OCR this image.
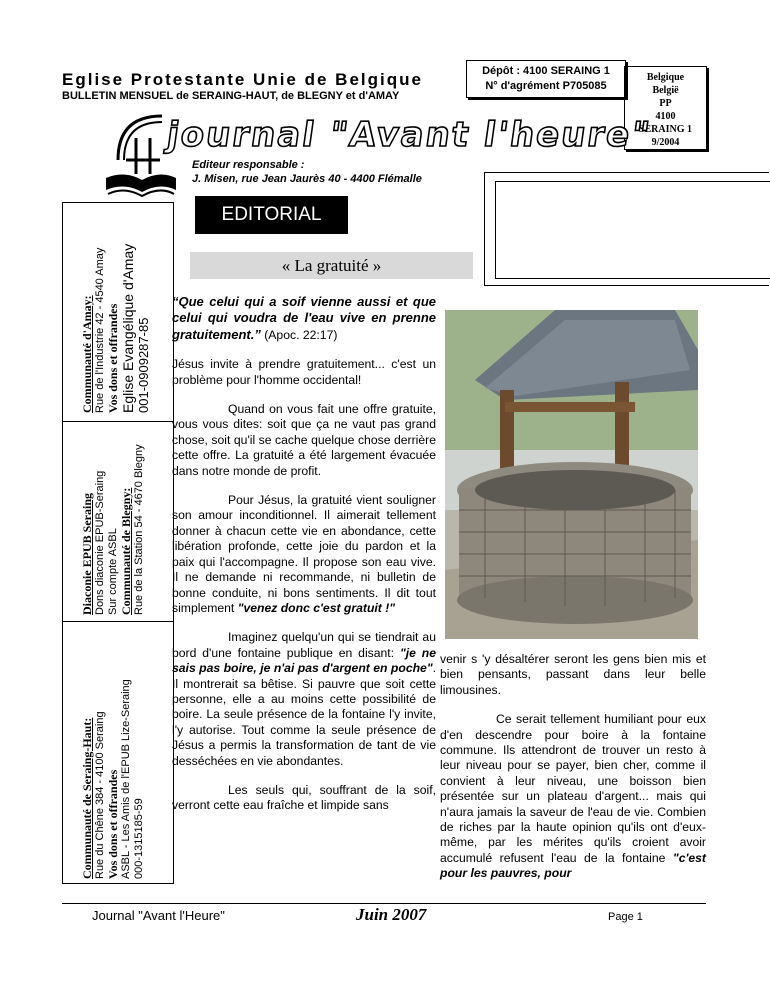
Eglise Protestante Unie de Belgique
BULLETIN MENSUEL de SERAING-HAUT, de BLEGNY et d'AMAY
Dépôt : 4100 SERAING 1
N° d'agrément P705085
Belgique
België
PP
4100
SERAING 1
9/2004
journal "Avant l'heure"
Editeur responsable :
J. Misen, rue Jean Jaurès 40 - 4400 Flémalle
EDITORIAL
Communauté d'Amay: Rue de l'Industrie 42 - 4540 Amay Vos dons et offrandes Eglise Evangélique d'Amay 001-0909287-85
Diaconie EPUB Seraing Dons diaconie EPUB-Seraing Sur compte ASBL Communauté de Blegny: Rue de la Station 54 - 4670 Blegny
Communauté de Seraing-Haut: Rue du Chêne 384 - 4100 Seraing Vos dons et offrandes ASBL - Les Amis de l'EPUB Lize-Seraing 000-1315185-59
« La gratuité »

“Que celui qui a soif vienne aussi et que celui qui voudra de l'eau vive en prenne gratuitement.” (Apoc. 22:17)

Jésus invite à prendre gratuitement... c'est un problème pour l'homme occidental!

Quand on vous fait une offre gratuite, vous vous dites: soit que ça ne vaut pas grand chose, soit qu'il se cache quelque chose derrière cette offre. La gratuité a été largement évacuée dans notre monde de profit.

Pour Jésus, la gratuité vient souligner son amour inconditionnel. Il aimerait tellement donner à chacun cette vie en abondance, cette libération profonde, cette joie du pardon et la paix qui l'accompagne. Il propose son eau vive. Il ne demande ni recommande, ni bulletin de bonne conduite, ni bons sentiments. Il dit tout simplement "venez donc c'est gratuit !"

Imaginez quelqu'un qui se tiendrait au bord d'une fontaine publique en disant: "je ne sais pas boire, je n'ai pas d'argent en poche". Il montrerait sa bêtise. Si pauvre que soit cette personne, elle a au moins cette possibilité de boire. La seule présence de la fontaine l'y invite, l'y autorise. Tout comme la seule présence de Jésus a permis la transformation de tant de vie desséchées en vie abondantes.

Les seuls qui, souffrant de la soif, verront cette eau fraîche et limpide sans

venir s 'y désaltérer seront les gens bien mis et bien pensants, passant dans leur belle limousines.

Ce serait tellement humiliant pour eux d'en descendre pour boire à la fontaine commune. Ils attendront de trouver un resto à leur niveau pour se payer, bien cher, comme il convient à leur niveau, une boisson bien présentée sur un plateau d'argent... mais qui n'aura jamais la saveur de l'eau de vie. Combien de riches par la haute opinion qu'ils ont d'eux-même, par les mérites qu'ils croient avoir accumulé refusent l'eau de la fontaine "c'est pour les pauvres, pour

Journal "Avant l'Heure"	Juin 2007	Page 1
